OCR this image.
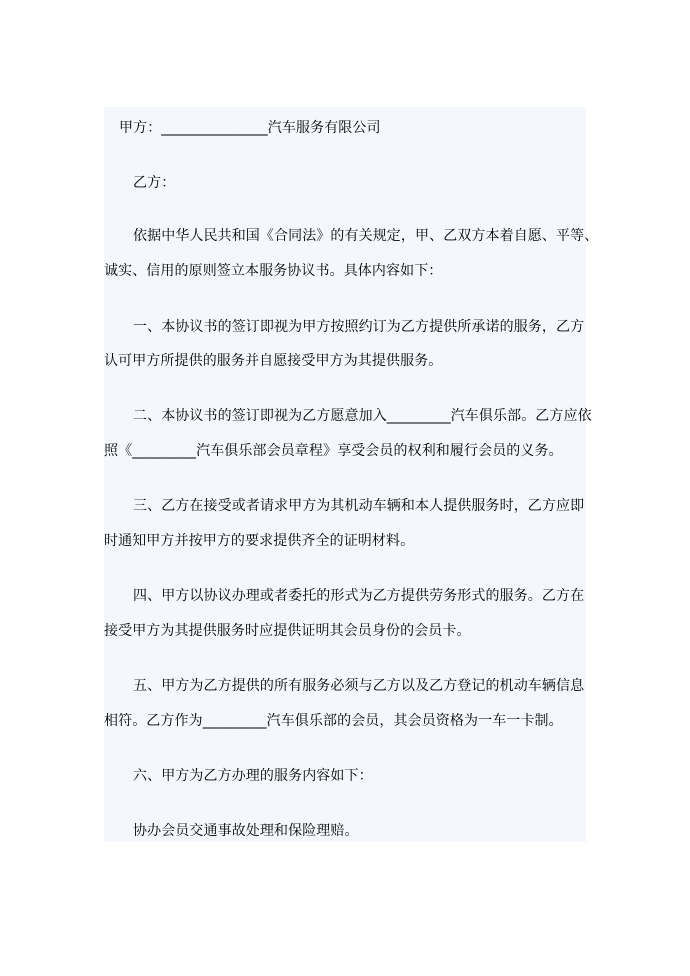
甲方：_______________汽车服务有限公司
乙方：
依据中华人民共和国《合同法》的有关规定，甲、乙双方本着自愿、平等、
诚实、信用的原则签立本服务协议书。具体内容如下：
一、本协议书的签订即视为甲方按照约订为乙方提供所承诺的服务，乙方
认可甲方所提供的服务并自愿接受甲方为其提供服务。
二、本协议书的签订即视为乙方愿意加入_________汽车俱乐部。乙方应依
照《_________汽车俱乐部会员章程》享受会员的权利和履行会员的义务。
三、乙方在接受或者请求甲方为其机动车辆和本人提供服务时，乙方应即
时通知甲方并按甲方的要求提供齐全的证明材料。
四、甲方以协议办理或者委托的形式为乙方提供劳务形式的服务。乙方在
接受甲方为其提供服务时应提供证明其会员身份的会员卡。
五、甲方为乙方提供的所有服务必须与乙方以及乙方登记的机动车辆信息
相符。乙方作为_________汽车俱乐部的会员，其会员资格为一车一卡制。
六、甲方为乙方办理的服务内容如下：
协办会员交通事故处理和保险理赔。
